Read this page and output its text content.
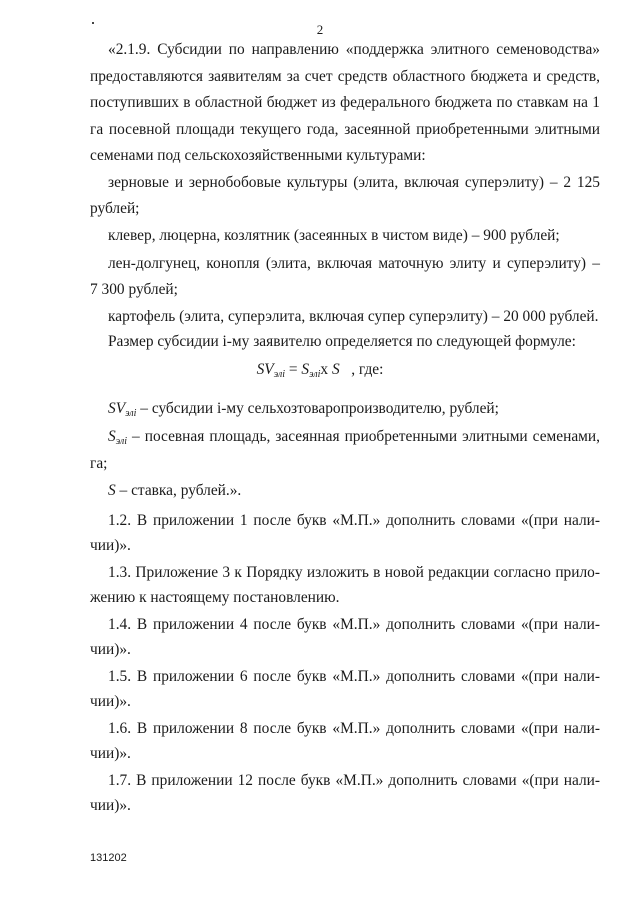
2
«2.1.9. Субсидии по направлению «поддержка элитного семеноводства» предоставляются заявителям за счет средств областного бюджета и средств, поступивших в областной бюджет из федерального бюджета по ставкам на 1 га посевной площади текущего года, засеянной приобретенными элитными семенами под сельскохозяйственными культурами:
зерновые и зернобобовые культуры (элита, включая суперэлиту) – 2 125
рублей;
клевер, люцерна, козлятник (засеянных в чистом виде) – 900 рублей;
лен-долгунец, конопля (элита, включая маточную элиту и суперэлиту) –
7 300 рублей;
картофель (элита, суперэлита, включая супер суперэлиту) – 20 000 рублей.
Размер субсидии i-му заявителю определяется по следующей формуле:
$SV_{элi} = S_{элi}x$ S , где:
$SV_{элi}$ – субсидии i-му сельхозтоваропроизводителю, рублей;
$S_{элi}$ – посевная площадь, засеянная приобретенными элитными семенами,
га;
S – ставка, рублей.».
1.2. В приложении 1 после букв «М.П.» дополнить словами «(при нали-
чии)».
1.3. Приложение 3 к Порядку изложить в новой редакции согласно прило-
жению к настоящему постановлению.
1.4. В приложении 4 после букв «М.П.» дополнить словами «(при нали-
чии)».
1.5. В приложении 6 после букв «М.П.» дополнить словами «(при нали-
чии)».
1.6. В приложении 8 после букв «М.П.» дополнить словами «(при нали-
чии)».
1.7. В приложении 12 после букв «М.П.» дополнить словами «(при нали-
чии)».
131202
